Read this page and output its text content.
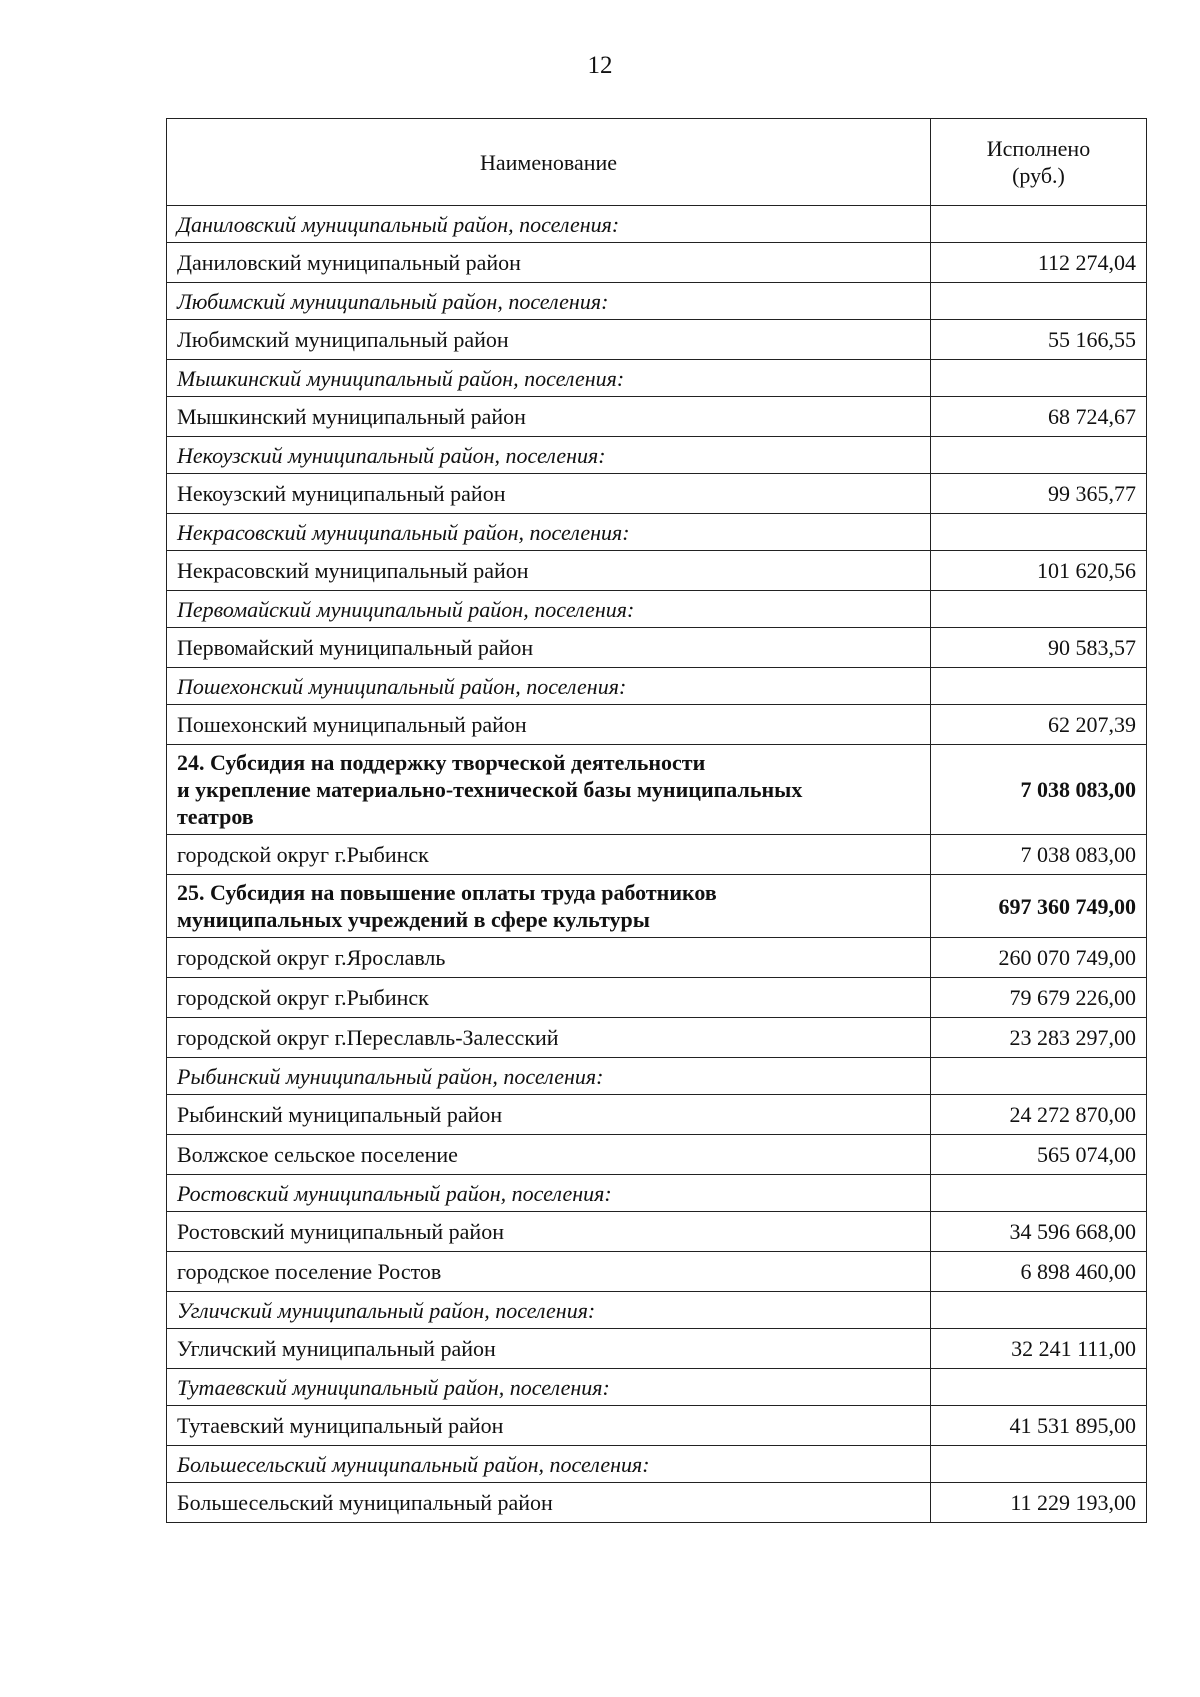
12
Наименование	Исполнено
(руб.)
Даниловский муниципальный район, поселения:	
Даниловский муниципальный район	112 274,04
Любимский муниципальный район, поселения:	
Любимский муниципальный район	55 166,55
Мышкинский муниципальный район, поселения:	
Мышкинский муниципальный район	68 724,67
Некоузский муниципальный район, поселения:	
Некоузский муниципальный район	99 365,77
Некрасовский муниципальный район, поселения:	
Некрасовский муниципальный район	101 620,56
Первомайский муниципальный район, поселения:	
Первомайский муниципальный район	90 583,57
Пошехонский муниципальный район, поселения:	
Пошехонский муниципальный район	62 207,39

24. Субсидия на поддержку творческой деятельности
и укрепление материально-технической базы муниципальных
театров	7 038 083,00
городской округ г.Рыбинск	7 038 083,00

25. Субсидия на повышение оплаты труда работников
муниципальных учреждений в сфере культуры	697 360 749,00
городской округ г.Ярославль	260 070 749,00
городской округ г.Рыбинск	79 679 226,00
городской округ г.Переславль-Залесский	23 283 297,00
Рыбинский муниципальный район, поселения:	
Рыбинский муниципальный район	24 272 870,00
Волжское сельское поселение	565 074,00
Ростовский муниципальный район, поселения:	
Ростовский муниципальный район	34 596 668,00
городское поселение Ростов	6 898 460,00
Угличский муниципальный район, поселения:	
Угличский муниципальный район	32 241 111,00
Тутаевский муниципальный район, поселения:	
Тутаевский муниципальный район	41 531 895,00
Большесельский муниципальный район, поселения:	
Большесельский муниципальный район	11 229 193,00
